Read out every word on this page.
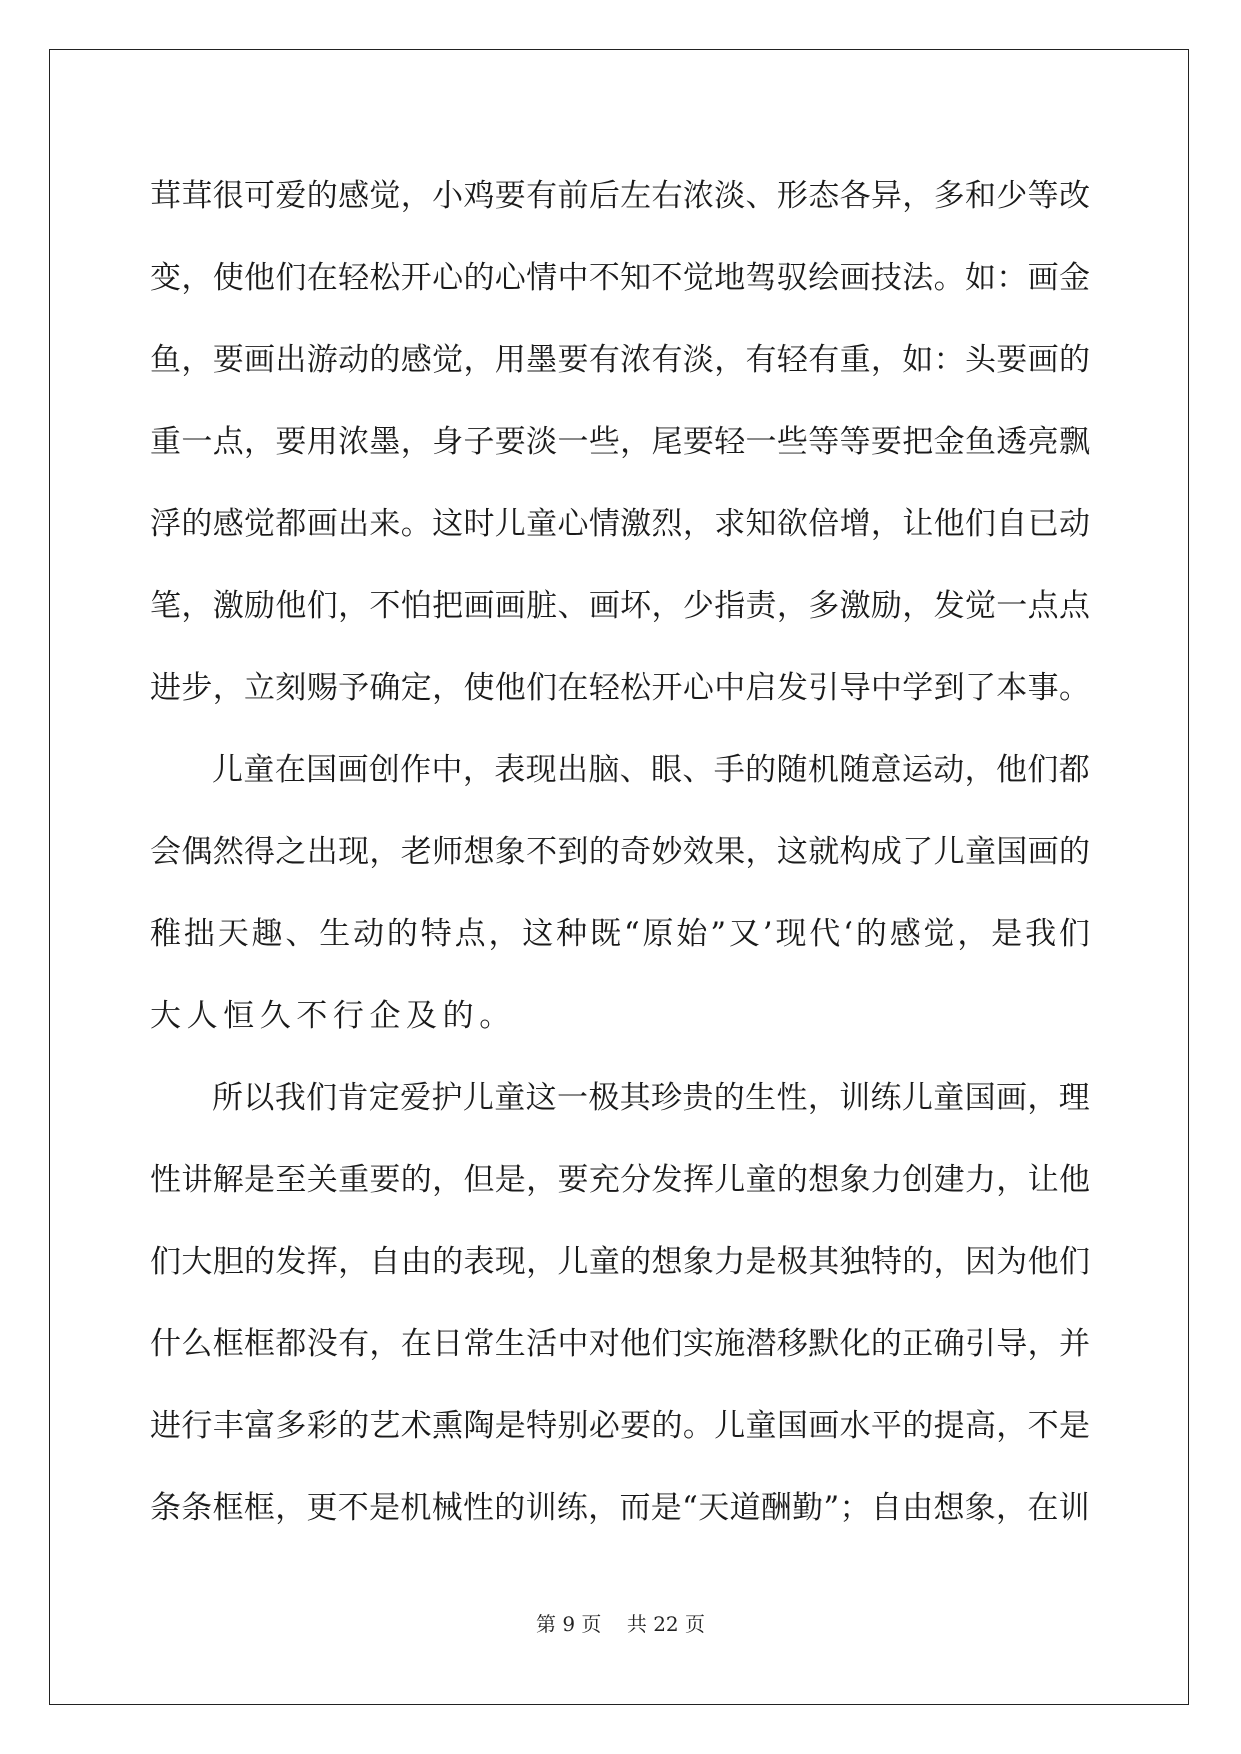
茸 茸 很 可 爱 的 感 觉 ， 小 鸡 要 有 前 后 左 右 浓 淡 、 形 态 各 异 ， 多 和 少 等 改
变 ， 使 他 们 在 轻 松 开 心 的 心 情 中 不 知 不 觉 地 驾 驭 绘 画 技 法 。 如 ： 画 金
鱼 ， 要 画 出 游 动 的 感 觉 ， 用 墨 要 有 浓 有 淡 ， 有 轻 有 重 ， 如 ： 头 要 画 的
重 一 点 ， 要 用 浓 墨 ， 身 子 要 淡 一 些 ， 尾 要 轻 一 些 等 等 要 把 金 鱼 透 亮 飘
浮 的 感 觉 都 画 出 来 。 这 时 儿 童 心 情 激 烈 ， 求 知 欲 倍 增 ， 让 他 们 自 已 动
笔 ， 激 励 他 们 ， 不 怕 把 画 画 脏 、 画 坏 ， 少 指 责 ， 多 激 励 ， 发 觉 一 点 点
进 步 ， 立 刻 赐 予 确 定 ， 使 他 们 在 轻 松 开 心 中 启 发 引 导 中 学 到 了 本 事 。
儿 童 在 国 画 创 作 中 ， 表 现 出 脑 、 眼 、 手 的 随 机 随 意 运 动 ， 他 们 都
会 偶 然 得 之 出 现 ， 老 师 想 象 不 到 的 奇 妙 效 果 ， 这 就 构 成 了 儿 童 国 画 的
稚 拙 天 趣 、 生 动 的 特 点 ， 这 种 既 “ 原 始 ” 又 ’ 现 代 ‘ 的 感 觉 ， 是 我 们
大人恒久不行企及的。
所 以 我 们 肯 定 爱 护 儿 童 这 一 极 其 珍 贵 的 生 性 ， 训 练 儿 童 国 画 ， 理
性 讲 解 是 至 关 重 要 的 ， 但 是 ， 要 充 分 发 挥 儿 童 的 想 象 力 创 建 力 ， 让 他
们 大 胆 的 发 挥 ， 自 由 的 表 现 ， 儿 童 的 想 象 力 是 极 其 独 特 的 ， 因 为 他 们
什 么 框 框 都 没 有 ， 在 日 常 生 活 中 对 他 们 实 施 潜 移 默 化 的 正 确 引 导 ， 并
进 行 丰 富 多 彩 的 艺 术 熏 陶 是 特 别 必 要 的 。 儿 童 国 画 水 平 的 提 高 ， 不 是
条 条 框 框 ， 更 不 是 机 械 性 的 训 练 ， 而 是 “ 天 道 酬 勤 ” ； 自 由 想 象 ， 在 训
第 9 页    共 22 页
